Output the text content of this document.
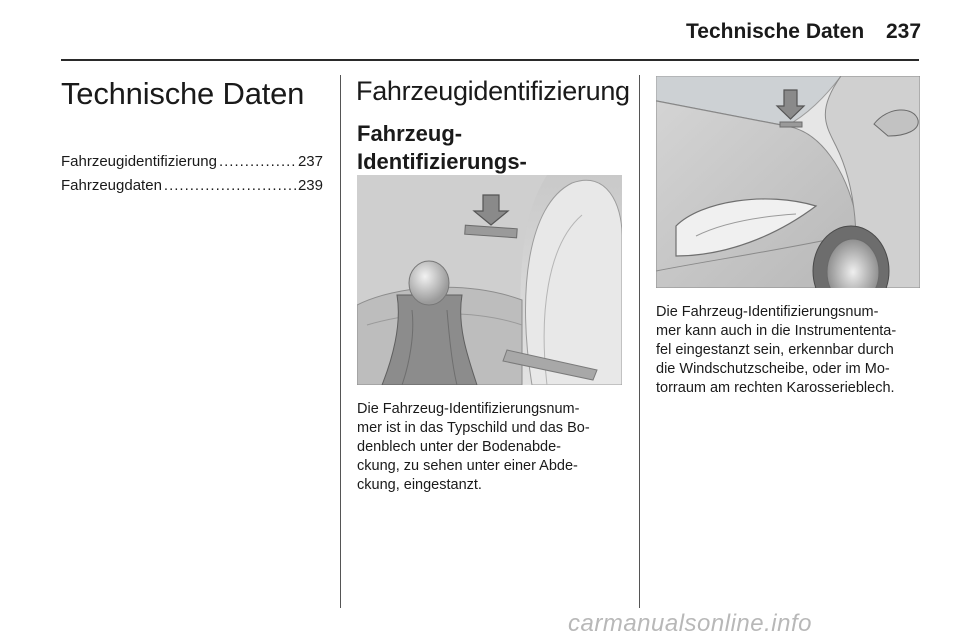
Technische Daten 237
Technische Daten
Fahrzeugidentifizierung .....	237
Fahrzeugdaten .....	239
Fahrzeugidentifizierung
Fahrzeug-Identifizierungs-
Die Fahrzeug-Identifizierungsnum-
mer ist in das Typschild und das Bo-
denblech unter der Bodenabde-
ckung, zu sehen unter einer Abde-
ckung, eingestanzt.
Die Fahrzeug-Identifizierungsnum-
mer kann auch in die Instrumententa-
fel eingestanzt sein, erkennbar durch
die Windschutzscheibe, oder im Mo-
torraum am rechten Karosserieblech.
carmanualsonline.info
